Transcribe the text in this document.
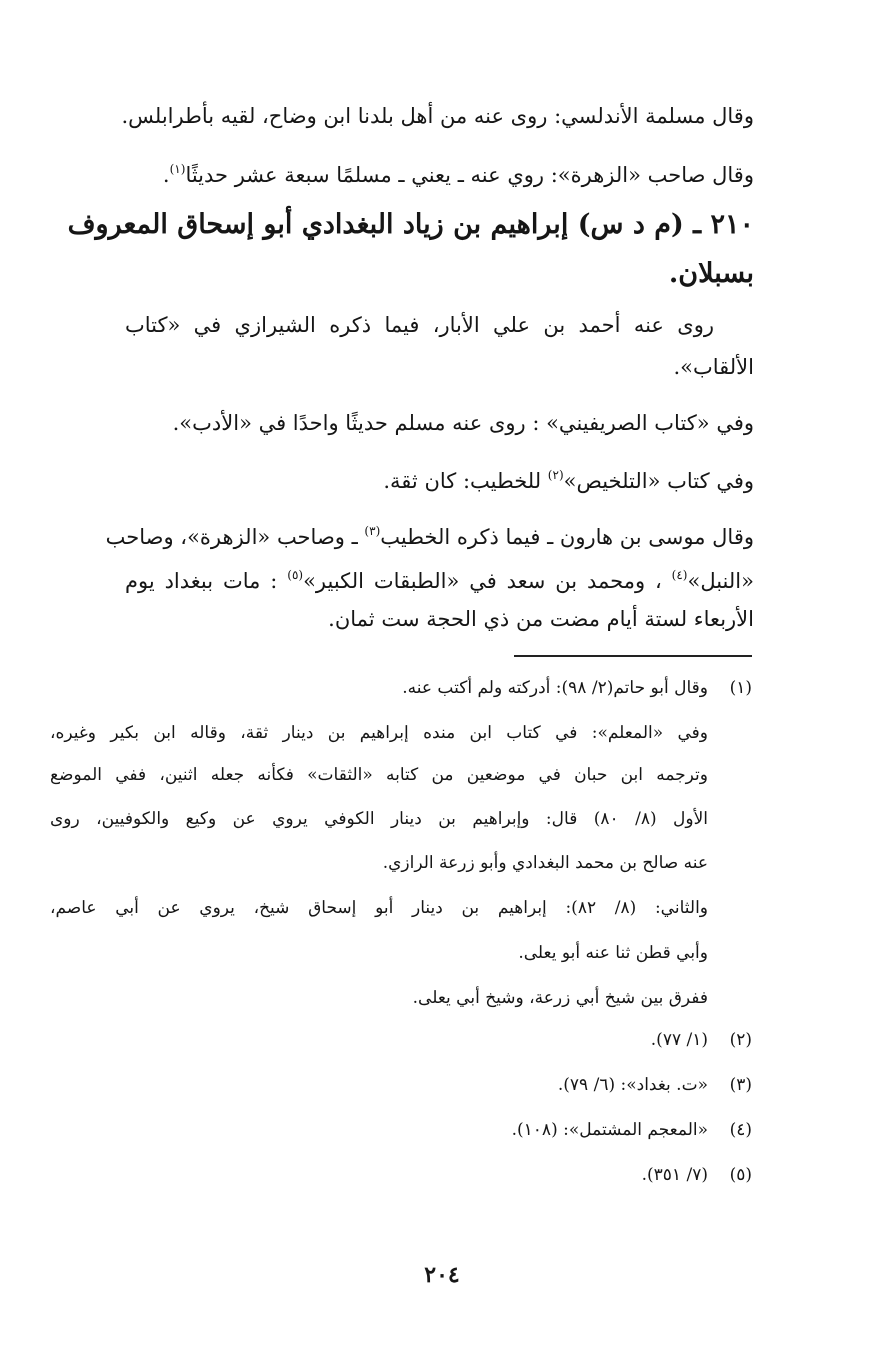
وقال مسلمة الأندلسي: روى عنه من أهل بلدنا ابن وضاح، لقيه بأطرابلس.
وقال صاحب «الزهرة»: روي عنه ـ يعني ـ مسلمًا سبعة عشر حديثًا$^{(١)}$.
٢١٠ ـ (م د س) إبراهيم بن زياد البغدادي أبو إسحاق المعروف
بسبلان.
روى عنه أحمد بن علي الأبار، فيما ذكره الشيرازي في «كتاب
الألقاب».
وفي «كتاب الصريفيني» : روى عنه مسلم حديثًا واحدًا في «الأدب».
وفي كتاب «التلخيص»$^{(٢)}$ للخطيب: كان ثقة.
وقال موسى بن هارون ـ فيما ذكره الخطيب$^{(٣)}$ ـ وصاحب «الزهرة»، وصاحب
«النبل»$^{(٤)}$ ، ومحمد بن سعد في «الطبقات الكبير»$^{(٥)}$ : مات ببغداد يوم
الأربعاء لستة أيام مضت من ذي الحجة ست ثمان.
(١)وقال أبو حاتم(٢/ ٩٨): أدركته ولم أكتب عنه.
وفي «المعلم»: في كتاب ابن منده إبراهيم بن دينار ثقة، وقاله ابن بكير وغيره،
وترجمه ابن حبان في موضعين من كتابه «الثقات» فكأنه جعله اثنين، ففي الموضع
الأول (٨/ ٨٠) قال: وإبراهيم بن دينار الكوفي يروي عن وكيع والكوفيين، روى
عنه صالح بن محمد البغدادي وأبو زرعة الرازي.
والثاني: (٨/ ٨٢): إبراهيم بن دينار أبو إسحاق شيخ، يروي عن أبي عاصم،
وأبي قطن ثنا عنه أبو يعلى.
ففرق بين شيخ أبي زرعة، وشيخ أبي يعلى.
(٢)(١/ ٧٧).
(٣)«ت. بغداد»: (٦/ ٧٩).
(٤)«المعجم المشتمل»: (١٠٨).
(٥)(٧/ ٣٥١).
٢٠٤
